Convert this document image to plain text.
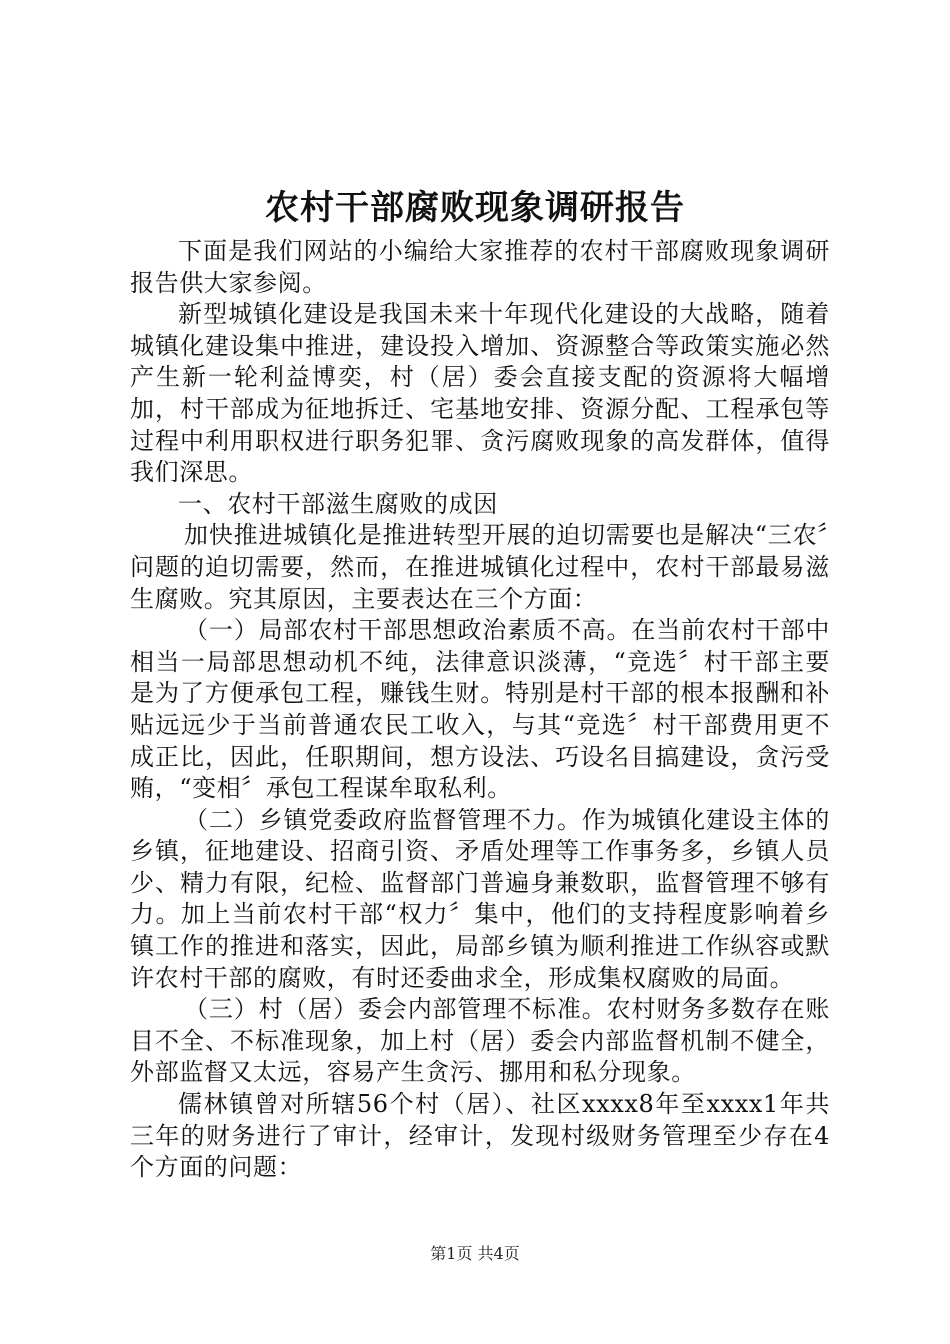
农村干部腐败现象调研报告

下面是我们网站的小编给大家推荐的农村干部腐败现象调研报告供大家参阅。

新型城镇化建设是我国未来十年现代化建设的大战略，随着城镇化建设集中推进，建设投入增加、资源整合等政策实施必然产生新一轮利益博奕，村（居）委会直接支配的资源将大幅增加，村干部成为征地拆迁、宅基地安排、资源分配、工程承包等过程中利用职权进行职务犯罪、贪污腐败现象的高发群体，值得我们深思。

一、农村干部滋生腐败的成因

加快推进城镇化是推进转型开展的迫切需要也是解决“三农〞问题的迫切需要，然而，在推进城镇化过程中，农村干部最易滋生腐败。究其原因，主要表达在三个方面：

（一）局部农村干部思想政治素质不高。在当前农村干部中相当一局部思想动机不纯，法律意识淡薄，“竞选〞村干部主要是为了方便承包工程，赚钱生财。特别是村干部的根本报酬和补贴远远少于当前普通农民工收入，与其“竞选〞村干部费用更不成正比，因此，任职期间，想方设法、巧设名目搞建设，贪污受贿，“变相〞承包工程谋牟取私利。

（二）乡镇党委政府监督管理不力。作为城镇化建设主体的乡镇，征地建设、招商引资、矛盾处理等工作事务多，乡镇人员少、精力有限，纪检、监督部门普遍身兼数职，监督管理不够有力。加上当前农村干部“权力〞集中，他们的支持程度影响着乡镇工作的推进和落实，因此，局部乡镇为顺利推进工作纵容或默许农村干部的腐败，有时还委曲求全，形成集权腐败的局面。

（三）村（居）委会内部管理不标准。农村财务多数存在账目不全、不标准现象，加上村（居）委会内部监督机制不健全，外部监督又太远，容易产生贪污、挪用和私分现象。

儒林镇曾对所辖56个村（居）、社区xxxx8年至xxxx1年共三年的财务进行了审计，经审计，发现村级财务管理至少存在4个方面的问题：

第1页 共4页
